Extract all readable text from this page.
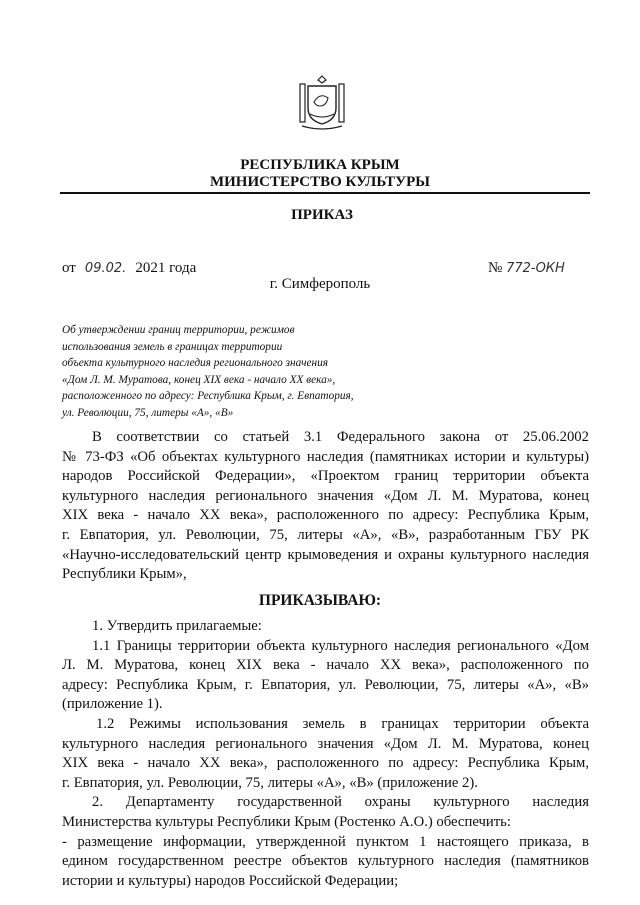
РЕСПУБЛИКА КРЫМ
МИНИСТЕРСТВО КУЛЬТУРЫ
ПРИКАЗ
от 09.02. 2021 года	№ 772-ОКН
г. Симферополь
Об утверждении границ территории, режимов
использования земель в границах территории
объекта культурного наследия регионального значения
«Дом Л. М. Муратова, конец XIX века - начало XX века»,
расположенного по адресу: Республика Крым, г. Евпатория,
ул. Революции, 75, литеры «А», «В»
В соответствии со статьей 3.1 Федерального закона от 25.06.2002
№ 73-ФЗ «Об объектах культурного наследия (памятниках истории и культуры)
народов Российской Федерации», «Проектом границ территории объекта
культурного наследия регионального значения «Дом Л. М. Муратова, конец
XIX века - начало XX века», расположенного по адресу: Республика Крым,
г. Евпатория, ул. Революции, 75, литеры «А», «В», разработанным ГБУ РК
«Научно-исследовательский центр крымоведения и охраны культурного наследия
Республики Крым»,
ПРИКАЗЫВАЮ:
1. Утвердить прилагаемые:
1.1 Границы территории объекта культурного наследия регионального «Дом
Л. М. Муратова, конец XIX века - начало XX века», расположенного по
адресу: Республика Крым, г. Евпатория, ул. Революции, 75, литеры «А», «В»
(приложение 1).
1.2 Режимы использования земель в границах территории объекта
культурного наследия регионального значения «Дом Л. М. Муратова, конец
XIX века - начало XX века», расположенного по адресу: Республика Крым,
г. Евпатория, ул. Революции, 75, литеры «А», «В» (приложение 2).
2. Департаменту государственной охраны культурного наследия
Министерства культуры Республики Крым (Ростенко А.О.) обеспечить:
- размещение информации, утвержденной пунктом 1 настоящего приказа, в
едином государственном реестре объектов культурного наследия (памятников
истории и культуры) народов Российской Федерации;
